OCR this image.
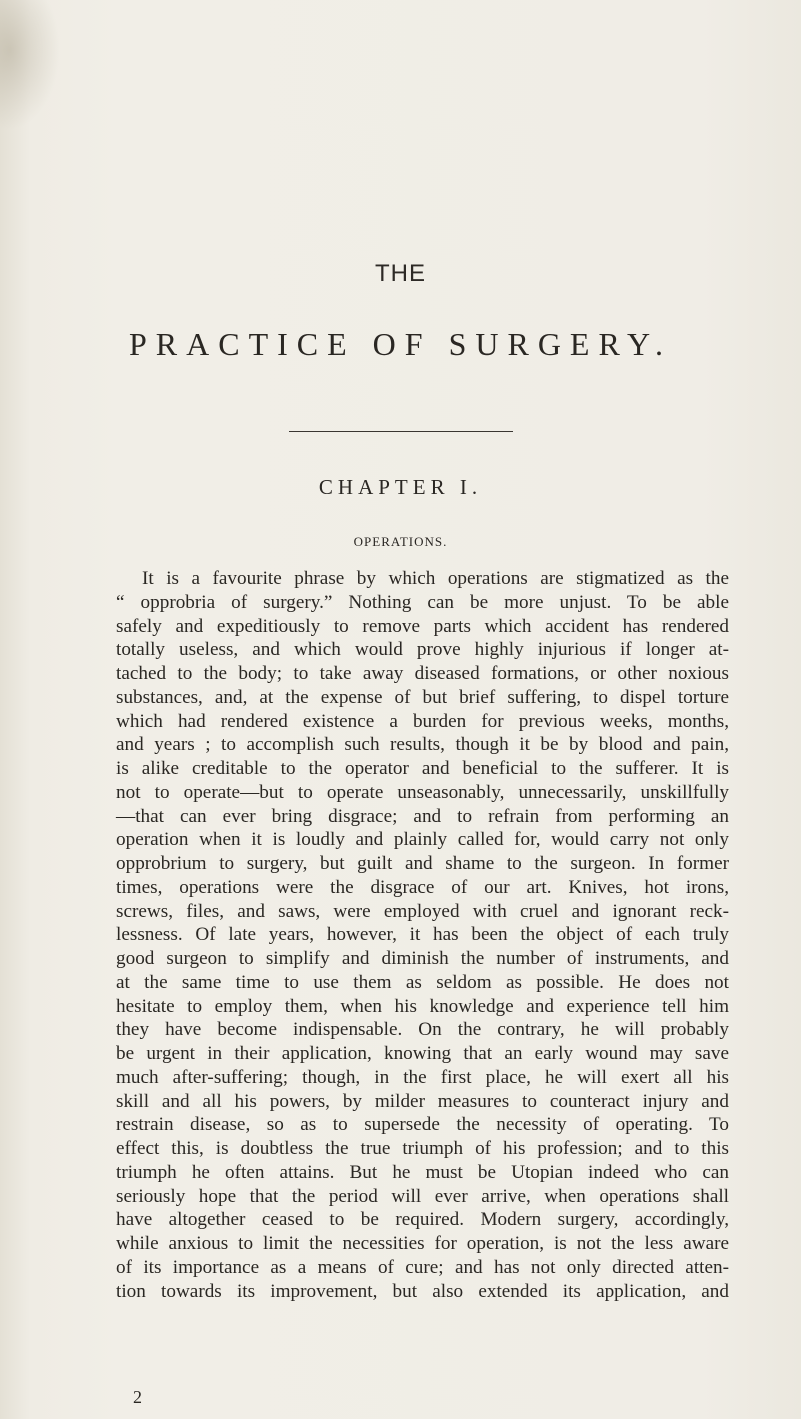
THE
PRACTICE OF SURGERY.
CHAPTER I.
OPERATIONS.
It is a favourite phrase by which operations are stigmatized as the
“ opprobria of surgery.” Nothing can be more unjust. To be able
safely and expeditiously to remove parts which accident has rendered
totally useless, and which would prove highly injurious if longer at-
tached to the body; to take away diseased formations, or other noxious
substances, and, at the expense of but brief suffering, to dispel torture
which had rendered existence a burden for previous weeks, months,
and years ; to accomplish such results, though it be by blood and pain,
is alike creditable to the operator and beneficial to the sufferer. It is
not to operate—but to operate unseasonably, unnecessarily, unskillfully
—that can ever bring disgrace; and to refrain from performing an
operation when it is loudly and plainly called for, would carry not only
opprobrium to surgery, but guilt and shame to the surgeon. In former
times, operations were the disgrace of our art. Knives, hot irons,
screws, files, and saws, were employed with cruel and ignorant reck-
lessness. Of late years, however, it has been the object of each truly
good surgeon to simplify and diminish the number of instruments, and
at the same time to use them as seldom as possible. He does not
hesitate to employ them, when his knowledge and experience tell him
they have become indispensable. On the contrary, he will probably
be urgent in their application, knowing that an early wound may save
much after-suffering; though, in the first place, he will exert all his
skill and all his powers, by milder measures to counteract injury and
restrain disease, so as to supersede the necessity of operating. To
effect this, is doubtless the true triumph of his profession; and to this
triumph he often attains. But he must be Utopian indeed who can
seriously hope that the period will ever arrive, when operations shall
have altogether ceased to be required. Modern surgery, accordingly,
while anxious to limit the necessities for operation, is not the less aware
of its importance as a means of cure; and has not only directed atten-
tion towards its improvement, but also extended its application, and
2
